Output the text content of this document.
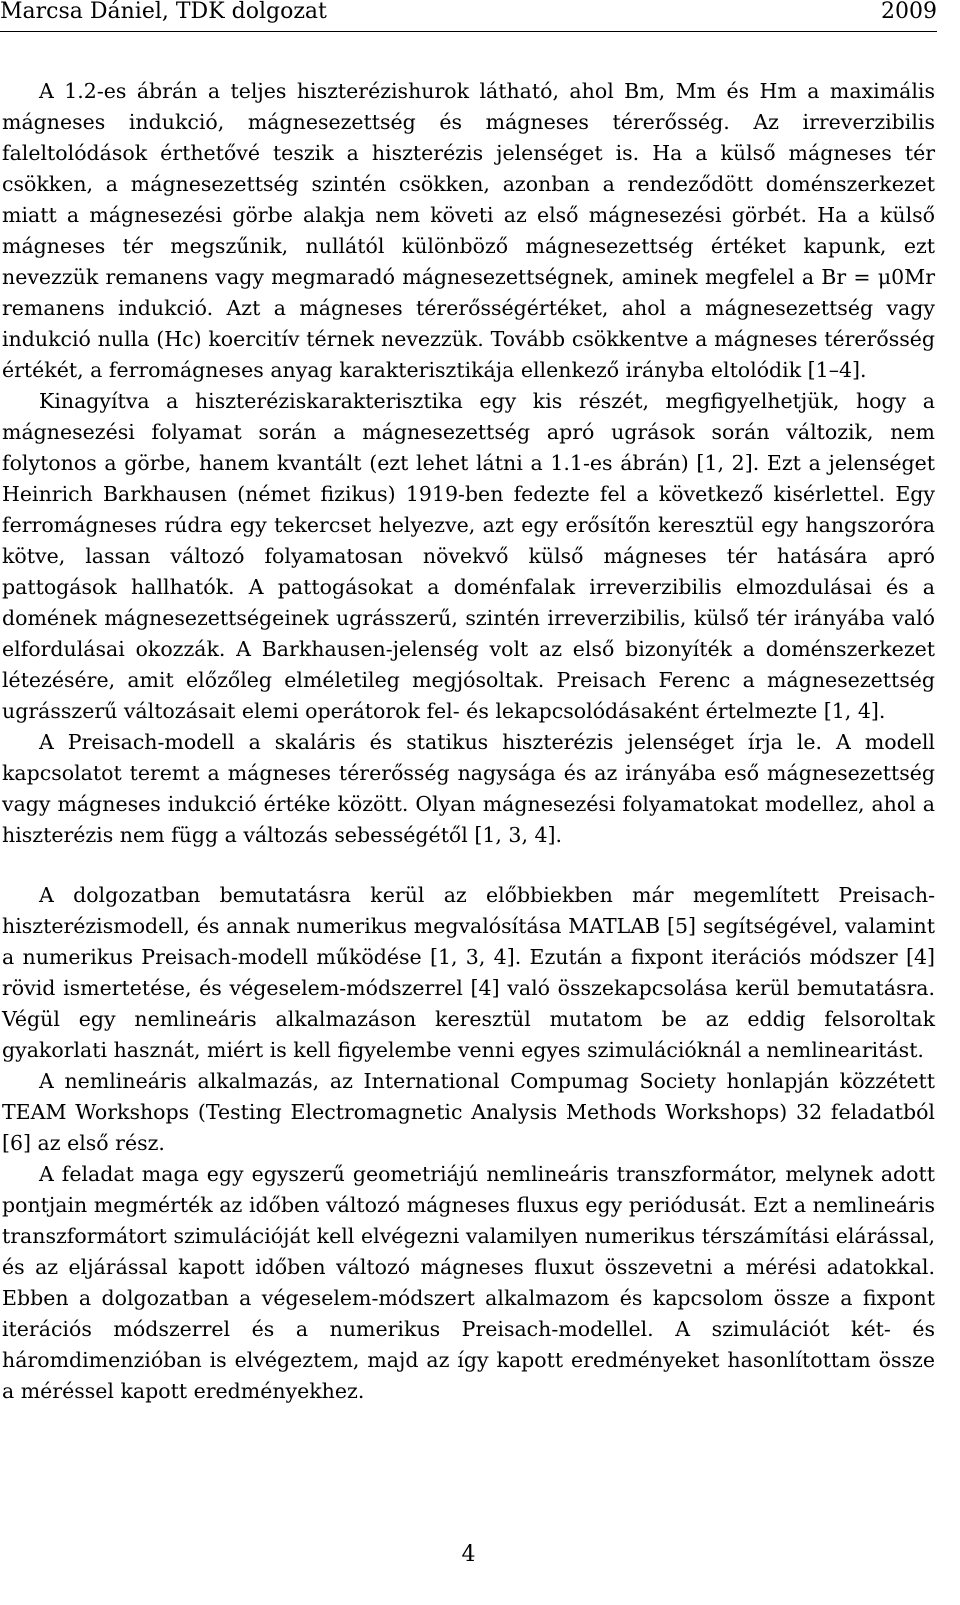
Marcsa Dániel, TDK dolgozat	2009

A 1.2-es ábrán a teljes hiszterézishurok látható, ahol Bm, Mm és Hm a maximális mágneses indukció, mágnesezettség és mágneses térerősség. Az irreverzibilis faleltolódások érthetővé teszik a hiszterézis jelenséget is. Ha a külső mágneses tér csökken, a mágnesezettség szintén csökken, azonban a rendeződött doménszerkezet miatt a mágnesezési görbe alakja nem követi az első mágnesezési görbét. Ha a külső mágneses tér megszűnik, nullától különböző mágnesezettség értéket kapunk, ezt nevezzük remanens vagy megmaradó mágnesezettségnek, aminek megfelel a Br = μ0Mr remanens indukció. Azt a mágneses térerősségértéket, ahol a mágnesezettség vagy indukció nulla (Hc) koercitív térnek nevezzük. Tovább csökkentve a mágneses térerősség értékét, a ferromágneses anyag karakterisztikája ellenkező irányba eltolódik [1–4].

Kinagyítva a hiszteréziskarakterisztika egy kis részét, megfigyelhetjük, hogy a mágnesezési folyamat során a mágnesezettség apró ugrások során változik, nem folytonos a görbe, hanem kvantált (ezt lehet látni a 1.1-es ábrán) [1, 2]. Ezt a jelenséget Heinrich Barkhausen (német fizikus) 1919-ben fedezte fel a következő kisérlettel. Egy ferromágneses rúdra egy tekercset helyezve, azt egy erősítőn keresztül egy hangszoróra kötve, lassan változó folyamatosan növekvő külső mágneses tér hatására apró pattogások hallhatók. A pattogásokat a doménfalak irreverzibilis elmozdulásai és a domének mágnesezettségeinek ugrásszerű, szintén irreverzibilis, külső tér irányába való elfordulásai okozzák. A Barkhausen-jelenség volt az első bizonyíték a doménszerkezet létezésére, amit előzőleg elméletileg megjósoltak. Preisach Ferenc a mágnesezettség ugrásszerű változásait elemi operátorok fel- és lekapcsolódásaként értelmezte [1, 4].

A Preisach-modell a skaláris és statikus hiszterézis jelenséget írja le. A modell kapcsolatot teremt a mágneses térerősség nagysága és az irányába eső mágnesezettség vagy mágneses indukció értéke között. Olyan mágnesezési folyamatokat modellez, ahol a hiszterézis nem függ a változás sebességétől [1, 3, 4].

A dolgozatban bemutatásra kerül az előbbiekben már megemlített Preisach-hiszterézismodell, és annak numerikus megvalósítása MATLAB [5] segítségével, valamint a numerikus Preisach-modell működése [1, 3, 4]. Ezután a fixpont iterációs módszer [4] rövid ismertetése, és végeselem-módszerrel [4] való összekapcsolása kerül bemutatásra. Végül egy nemlineáris alkalmazáson keresztül mutatom be az eddig felsoroltak gyakorlati hasznát, miért is kell figyelembe venni egyes szimulációknál a nemlinearitást.

A nemlineáris alkalmazás, az International Compumag Society honlapján közzétett TEAM Workshops (Testing Electromagnetic Analysis Methods Workshops) 32 feladatból [6] az első rész.

A feladat maga egy egyszerű geometriájú nemlineáris transzformátor, melynek adott pontjain megmérték az időben változó mágneses fluxus egy periódusát. Ezt a nemlineáris transzformátort szimulációját kell elvégezni valamilyen numerikus térszámítási elárással, és az eljárással kapott időben változó mágneses fluxut összevetni a mérési adatokkal. Ebben a dolgozatban a végeselem-módszert alkalmazom és kapcsolom össze a fixpont iterációs módszerrel és a numerikus Preisach-modellel. A szimulációt két- és háromdimenzióban is elvégeztem, majd az így kapott eredményeket hasonlítottam össze a méréssel kapott eredményekhez.

4
